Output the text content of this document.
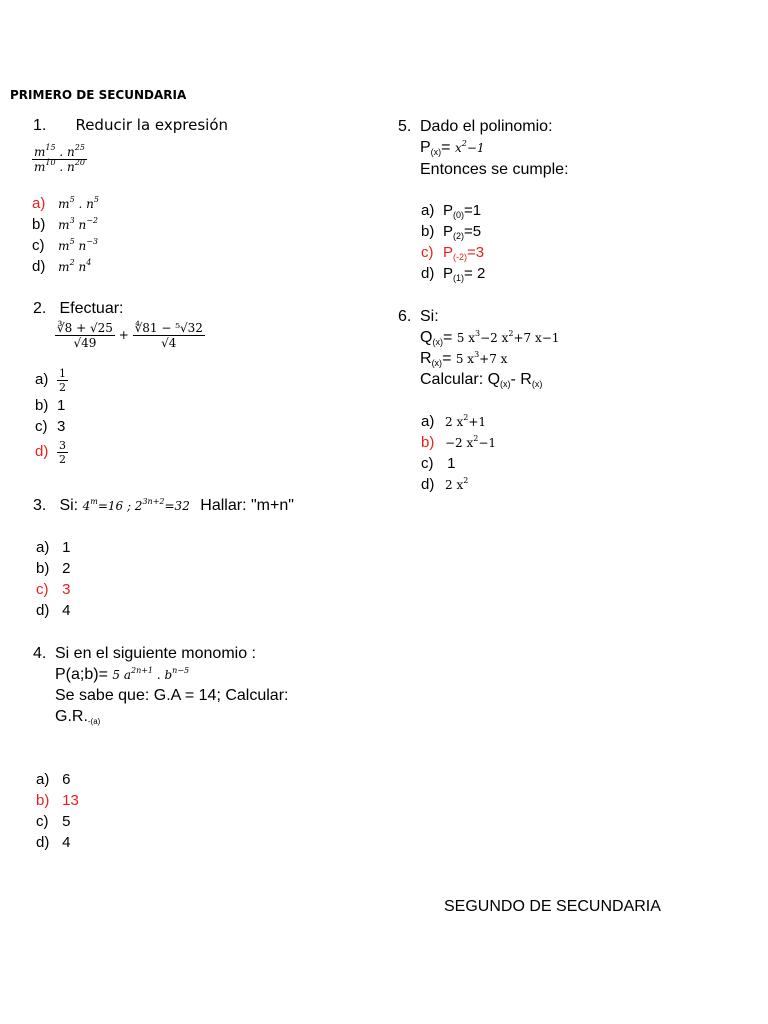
PRIMERO DE SECUNDARIA
1. Reducir la expresión
$\frac{m^{15} . n^{25}}{m^{10} . n^{20}}$
a) $m^5$ . $n^5$
b) $m^3$ $n^{-2}$
c) $m^5$ $n^{-3}$
d) $m^2$ $n^4$
2. Efectuar:
$\frac{∛8 + √25}{√49} + \frac{\text{∜81 − ⁵√32}}{√4}$
$a) \frac{1}{2}$
b) 1
c) 3
$d) \frac{3}{2}$
3. Si: $4^m=16$ ; $2^{3n+2}=32$ Hallar: "m+n"
a) 1
b) 2
c) 3
d) 4
4. Si en el siguiente monomio :
P(a;b)= 5 $a^{2n+1}$ . $b^{n-5}$
Se sabe que: G.A = 14; Calcular:
$G.R._{-(a)}$
a) 6
b) 13
c) 5
d) 4
5. Dado el polinomio:
$P_{(x)}= x^2-1$
Entonces se cumple:
a) $P_{(0)}=1$
b) $P_{(2)}=5$
c) $P_{(-2)}=3$
d) $P_{(1)}= 2$
6. Si:
$Q_{(x)}= 5$ $x^3-2$ $x^2+7$ x−1
$R_{(x)}= 5$ $x^3+7$ x
Calcular: $Q_{(x)}-$ $R_{(x)}$
a) 2 $x^2+1$
b) −2 $x^2-1$
c) 1
d) 2 $x^2$
SEGUNDO DE SECUNDARIA
